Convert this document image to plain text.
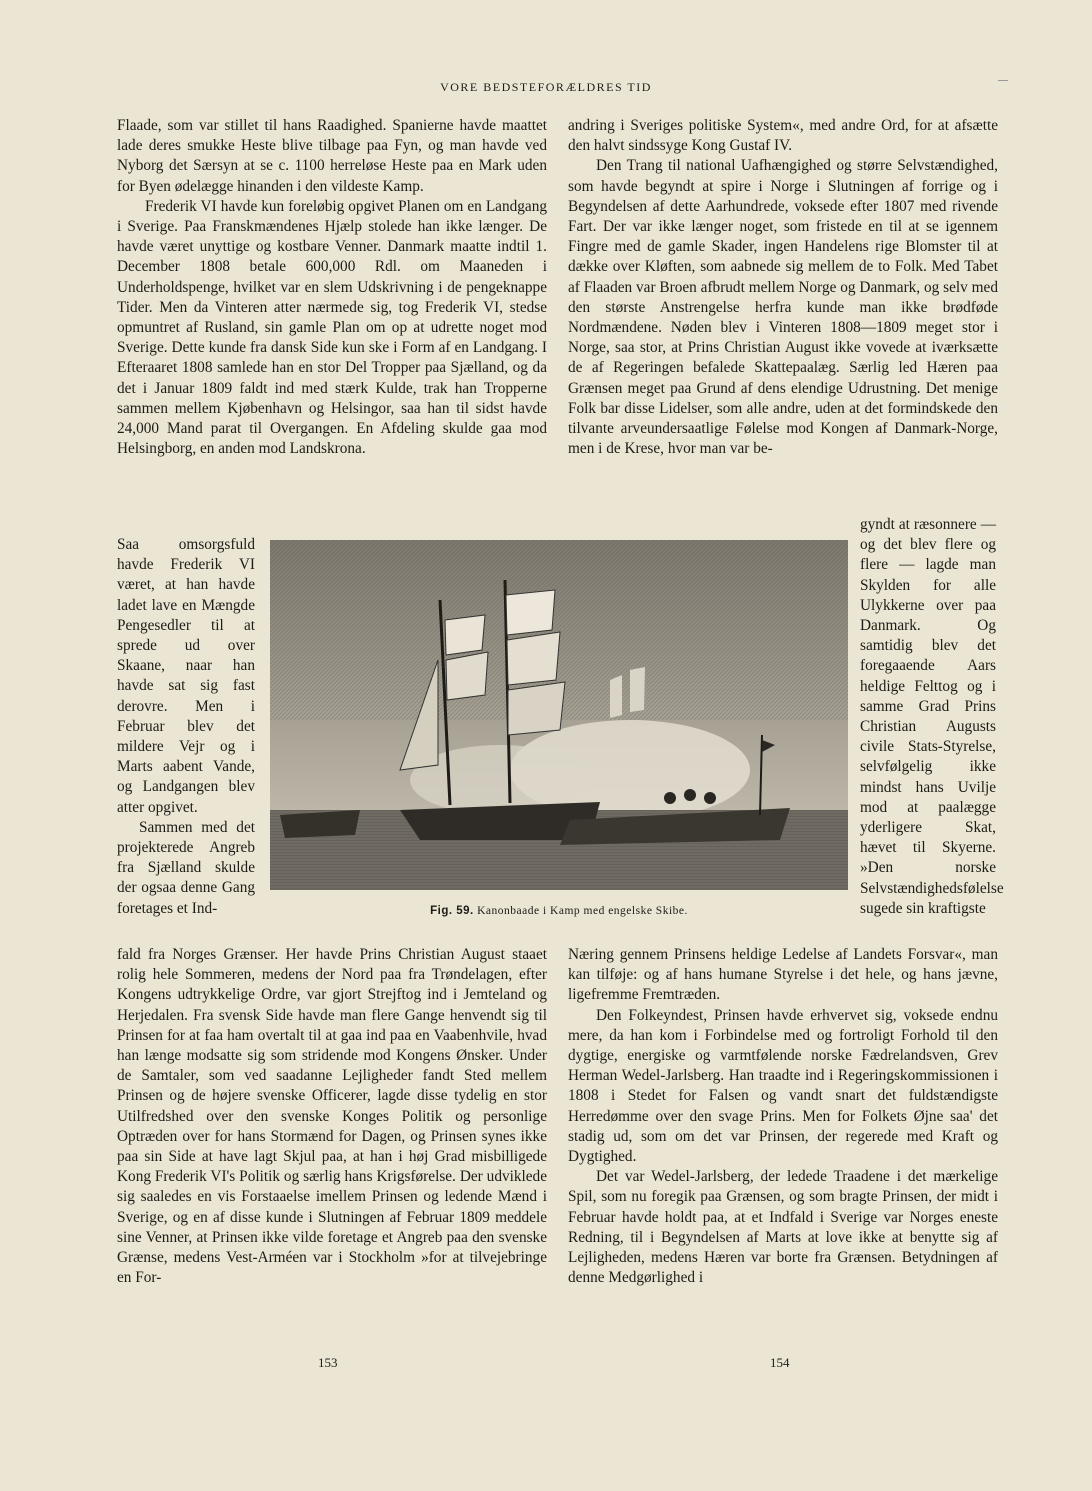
VORE BEDSTEFORÆLDRES TID

Flaade, som var stillet til hans Raadighed. Spanierne havde maattet lade deres smukke Heste blive tilbage paa Fyn, og man havde ved Nyborg det Særsyn at se c. 1100 herreløse Heste paa en Mark uden for Byen ødelægge hinanden i den vildeste Kamp.

Frederik VI havde kun foreløbig opgivet Planen om en Landgang i Sverige. Paa Franskmændenes Hjælp stolede han ikke længer. De havde været unyttige og kostbare Venner. Danmark maatte indtil 1. December 1808 betale 600,000 Rdl. om Maaneden i Underholdspenge, hvilket var en slem Udskrivning i de pengeknappe Tider. Men da Vinteren atter nærmede sig, tog Frederik VI, stedse opmuntret af Rusland, sin gamle Plan om op at udrette noget mod Sverige. Dette kunde fra dansk Side kun ske i Form af en Landgang. I Efteraaret 1808 samlede han en stor Del Tropper paa Sjælland, og da det i Januar 1809 faldt ind med stærk Kulde, trak han Tropperne sammen mellem Kjøbenhavn og Helsingor, saa han til sidst havde 24,000 Mand parat til Overgangen. En Afdeling skulde gaa mod Helsingborg, en anden mod Landskrona.

Saa omsorgsfuld havde Frederik VI været, at han havde ladet lave en Mængde Pengesedler til at sprede ud over Skaane, naar han havde sat sig fast derovre. Men i Februar blev det mildere Vejr og i Marts aabent Vande, og Landgangen blev atter opgivet.

Sammen med det projekterede Angreb fra Sjælland skulde der ogsaa denne Gang foretages et Ind-

fald fra Norges Grænser. Her havde Prins Christian August staaet rolig hele Sommeren, medens der Nord paa fra Trøndelagen, efter Kongens udtrykkelige Ordre, var gjort Strejftog ind i Jemteland og Herjedalen. Fra svensk Side havde man flere Gange henvendt sig til Prinsen for at faa ham overtalt til at gaa ind paa en Vaabenhvile, hvad han længe modsatte sig som stridende mod Kongens Ønsker. Under de Samtaler, som ved saadanne Lejligheder fandt Sted mellem Prinsen og de højere svenske Officerer, lagde disse tydelig en stor Utilfredshed over den svenske Konges Politik og personlige Optræden over for hans Stormænd for Dagen, og Prinsen synes ikke paa sin Side at have lagt Skjul paa, at han i høj Grad misbilligede Kong Frederik VI's Politik og særlig hans Krigsførelse. Der udviklede sig saaledes en vis Forstaaelse imellem Prinsen og ledende Mænd i Sverige, og en af disse kunde i Slutningen af Februar 1809 meddele sine Venner, at Prinsen ikke vilde foretage et Angreb paa den svenske Grænse, medens Vest-Arméen var i Stockholm »for at tilvejebringe en For-

andring i Sveriges politiske System«, med andre Ord, for at afsætte den halvt sindssyge Kong Gustaf IV.

Den Trang til national Uafhængighed og større Selvstændighed, som havde begyndt at spire i Norge i Slutningen af forrige og i Begyndelsen af dette Aarhundrede, voksede efter 1807 med rivende Fart. Der var ikke længer noget, som fristede en til at se igennem Fingre med de gamle Skader, ingen Handelens rige Blomster til at dække over Kløften, som aabnede sig mellem de to Folk. Med Tabet af Flaaden var Broen afbrudt mellem Norge og Danmark, og selv med den største Anstrengelse herfra kunde man ikke brødføde Nordmændene. Nøden blev i Vinteren 1808—1809 meget stor i Norge, saa stor, at Prins Christian August ikke vovede at iværksætte de af Regeringen befalede Skattepaalæg. Særlig led Hæren paa Grænsen meget paa Grund af dens elendige Udrustning. Det menige Folk bar disse Lidelser, som alle andre, uden at det formindskede den tilvante arveundersaatlige Følelse mod Kongen af Danmark-Norge, men i de Krese, hvor man var be-

gyndt at ræsonnere — og det blev flere og flere — lagde man Skylden for alle Ulykkerne over paa Danmark. Og samtidig blev det foregaaende Aars heldige Felttog og i samme Grad Prins Christian Augusts civile Stats-Styrelse, selvfølgelig ikke mindst hans Uvilje mod at paalægge yderligere Skat, hævet til Skyerne. »Den norske Selvstændighedsfølelse sugede sin kraftigste

Næring gennem Prinsens heldige Ledelse af Landets Forsvar«, man kan tilføje: og af hans humane Styrelse i det hele, og hans jævne, ligefremme Fremtræden.

Den Folkeyndest, Prinsen havde erhvervet sig, voksede endnu mere, da han kom i Forbindelse med og fortroligt Forhold til den dygtige, energiske og varmtfølende norske Fædrelandsven, Grev Herman Wedel-Jarlsberg. Han traadte ind i Regeringskommissionen i 1808 i Stedet for Falsen og vandt snart det fuldstændigste Herredømme over den svage Prins. Men for Folkets Øjne saa' det stadig ud, som om det var Prinsen, der regerede med Kraft og Dygtighed.

Det var Wedel-Jarlsberg, der ledede Traadene i det mærkelige Spil, som nu foregik paa Grænsen, og som bragte Prinsen, der midt i Februar havde holdt paa, at et Indfald i Sverige var Norges eneste Redning, til i Begyndelsen af Marts at love ikke at benytte sig af Lejligheden, medens Hæren var borte fra Grænsen. Betydningen af denne Medgørlighed i

Fig. 59. Kanonbaade i Kamp med engelske Skibe.
153	154
